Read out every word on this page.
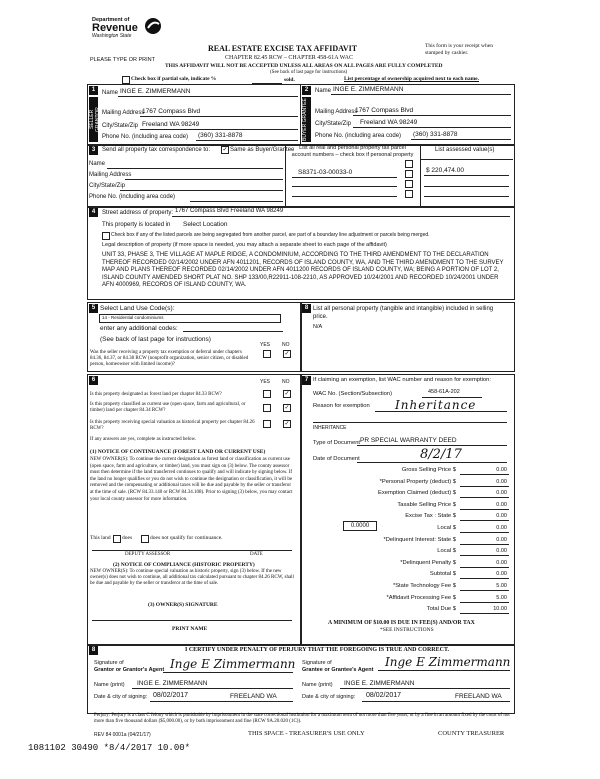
Department of
Revenue
Washington State
PLEASE TYPE OR PRINT
REAL ESTATE EXCISE TAX AFFIDAVIT
CHAPTER 82.45 RCW – CHAPTER 458-61A WAC
THIS AFFIDAVIT WILL NOT BE ACCEPTED UNLESS ALL AREAS ON ALL PAGES ARE FULLY COMPLETED
This form is your receipt when stamped by cashier.
(See back of last page for instructions)
Check box if partial sale, indicate %	sold.	List percentage of ownership acquired next to each name.
1
SELLER GRANTOR
Name INGE E. ZIMMERMANN
Mailing Address
1767 Compass Blvd
City/State/Zip Freeland WA 98249
Phone No. (including area code) (360) 331-8878
2
BUYER GRANTEE
Name INGE E. ZIMMERMANN
Mailing Address
1767 Compass Blvd
City/State/Zip Freeland WA 98249
Phone No. (including area code) (360) 331-8878
3	Send all property tax correspondence to: ✓ Same as Buyer/Grantee
Name
Mailing Address
City/State/Zip
Phone No. (including area code)
List all real and personal property tax parcel account numbers – check box if personal property
List assessed value(s)
S8371-03-00033-0	$ 220,474.00
4	Street address of property: 1767 Compass Blvd Freeland WA 98249
This property is located in Select Location
Check box if any of the listed parcels are being segregated from another parcel, are part of a boundary line adjustment or parcels being merged.
Legal description of property (if more space is needed, you may attach a separate sheet to each page of the affidavit)
UNIT 33, PHASE 3, THE VILLAGE AT MAPLE RIDGE, A CONDOMINIUM, ACCORDING TO THE THIRD AMENDMENT TO THE DECLARATION THEREOF RECORDED 02/14/2002 UNDER AFN 4011201, RECORDS OF ISLAND COUNTY, WA, AND THE THIRD AMENDMENT TO THE SURVEY MAP AND PLANS THEREOF RECORDED 02/14/2002 UNDER AFN 4011200 RECORDS OF ISLAND COUNTY, WA; BEING A PORTION OF LOT 2, ISLAND COUNTY AMENDED SHORT PLAT NO. SHP 133/00,R22911-108-2210, AS APPROVED 10/24/2001 AND RECORDED 10/24/2001 UNDER AFN 4000969, RECORDS OF ISLAND COUNTY, WA.
5 Select Land Use Code(s):
14 - Residential condominiums
enter any additional codes:
(See back of last page for instructions)
YES NO
Was the seller receiving a property tax exemption or deferral under chapters 84.36, 84.37, or 84.38 RCW (nonprofit organization, senior citizen, or disabled person, homeowner with limited income)?
✓
8 List all personal property (tangible and intangible) included in selling price.
N/A
6	YES NO
Is this property designated as forest land per chapter 84.33 RCW?	✓
Is this property classified as current use (open space, farm and agricultural, or timber) land per chapter 84.34 RCW?	✓
Is this property receiving special valuation as historical property per chapter 84.26 RCW?
✓
If any answers are yes, complete as instructed below.
(1) NOTICE OF CONTINUANCE (FOREST LAND OR CURRENT USE)
NEW OWNER(S): To continue the current designation as forest land or classification as current use (open space, farm and agriculture, or timber) land, you must sign on (3) below. The county assessor must then determine if the land transferred continues to qualify and will indicate by signing below. If the land no longer qualifies or you do not wish to continue the designation or classification, it will be removed and the compensating or additional taxes will be due and payable by the seller or transferor at the time of sale. (RCW 84.33.140 or RCW 84.34.108). Prior to signing (3) below, you may contact your local county assessor for more information.
This land does	does not qualify for continuance.
DEPUTY ASSESSOR	DATE
(2) NOTICE OF COMPLIANCE (HISTORIC PROPERTY)
NEW OWNER(S): To continue special valuation as historic property, sign (3) below. If the new owner(s) does not wish to continue, all additional tax calculated pursuant to chapter 84.26 RCW, shall be due and payable by the seller or transferor at the time of sale.
(3) OWNER(S) SIGNATURE
PRINT NAME
7 If claiming an exemption, list WAC number and reason for exemption:
WAC No. (Section/Subsection)	458-61A-202
Reason for exemption Inheritance
INHERITANCE
Type of Document PR SPECIAL WARRANTY DEED
Date of Document	8/2/17
Gross Selling Price $	0.00
*Personal Property (deduct) $	0.00
Exemption Claimed (deduct) $	0.00
Taxable Selling Price $	0.00
Excise Tax : State $	0.00
Local $	0.00
*Delinquent Interest: State $	0.00
Local $	0.00
*Delinquent Penalty $	0.00
Subtotal $	0.00
*State Technology Fee $	5.00
*Affidavit Processing Fee $	5.00
Total Due $	10.00
0.0000
A MINIMUM OF $10.00 IS DUE IN FEE(S) AND/OR TAX
*SEE INSTRUCTIONS
8	I CERTIFY UNDER PENALTY OF PERJURY THAT THE FOREGOING IS TRUE AND CORRECT.
Signature of
Grantor or Grantor's Agent Inge E Zimmermann
Name (print) INGE E. ZIMMERMANN
Date & city of signing: 08/02/2017	FREELAND WA
Signature of
Grantee or Grantee's Agent
Inge E Zimmermann
Name (print) INGE E. ZIMMERMANN
Date & city of signing: 08/02/2017	FREELAND WA
Perjury: Perjury is a class C felony which is punishable by imprisonment in the state correctional institution for a maximum term of not more than five years, or by a fine in an amount fixed by the court of not more than five thousand dollars ($5,000.00), or by both imprisonment and fine (RCW 9A.20.020 (1C)).
REV 84 0001a (04/21/17)	THIS SPACE - TREASURER'S USE ONLY	COUNTY TREASURER
1081102 30490 *8/4/2017 10.00*
